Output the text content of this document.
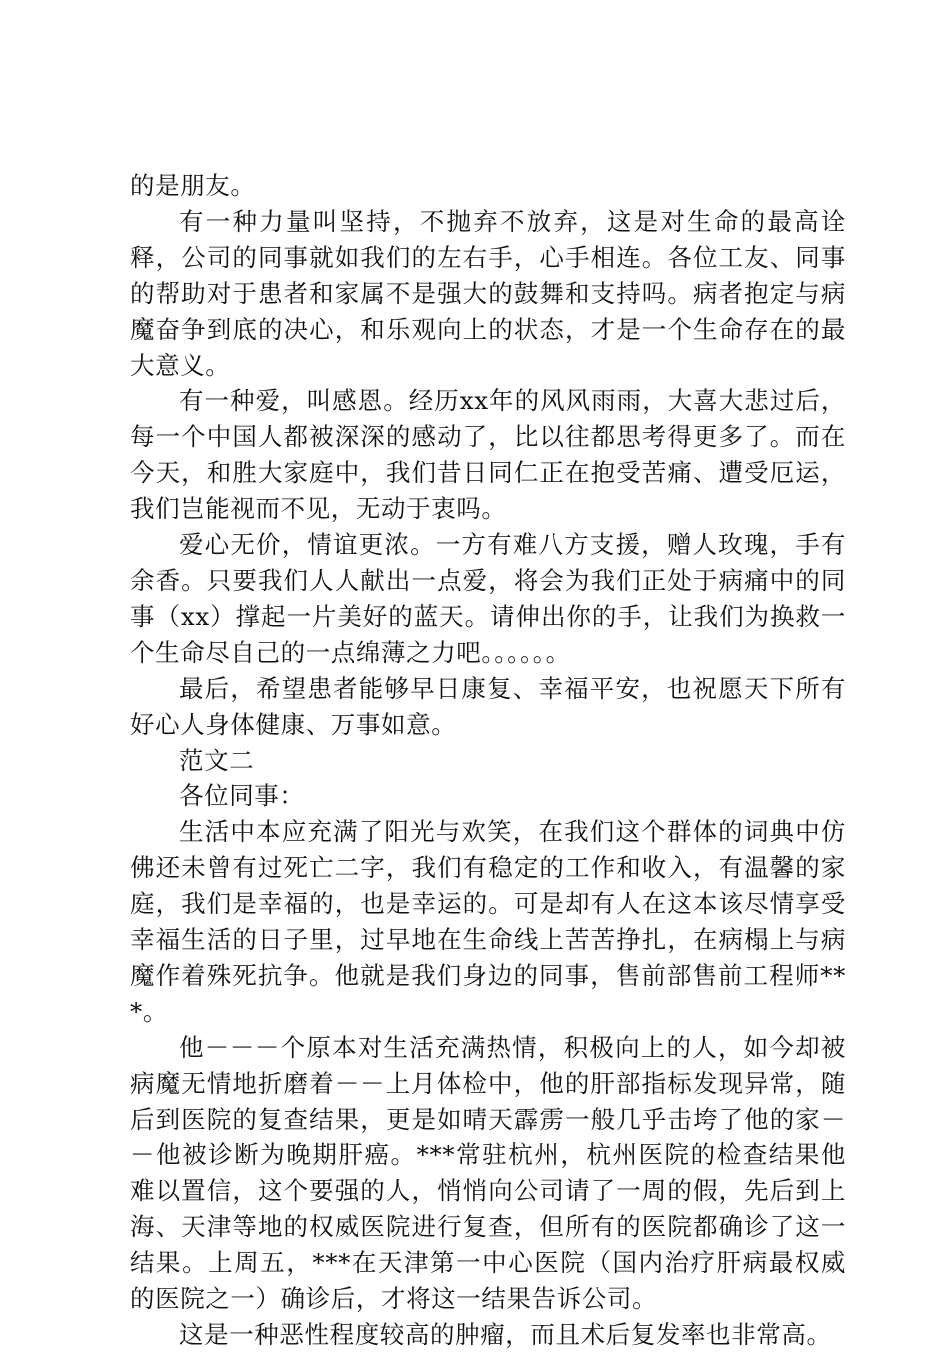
的是朋友。

有一种力量叫坚持，不抛弃不放弃，这是对生命的最高诠释，公司的同事就如我们的左右手，心手相连。各位工友、同事的帮助对于患者和家属不是强大的鼓舞和支持吗。病者抱定与病魔奋争到底的决心，和乐观向上的状态，才是一个生命存在的最大意义。

有一种爱，叫感恩。经历xx年的风风雨雨，大喜大悲过后，每一个中国人都被深深的感动了，比以往都思考得更多了。而在今天，和胜大家庭中，我们昔日同仁正在抱受苦痛、遭受厄运，我们岂能视而不见，无动于衷吗。

爱心无价，情谊更浓。一方有难八方支援，赠人玫瑰，手有余香。只要我们人人献出一点爱，将会为我们正处于病痛中的同事（xx）撑起一片美好的蓝天。请伸出你的手，让我们为换救一个生命尽自己的一点绵薄之力吧。。。。。。

最后，希望患者能够早日康复、幸福平安，也祝愿天下所有好心人身体健康、万事如意。

范文二

各位同事：

生活中本应充满了阳光与欢笑，在我们这个群体的词典中仿佛还未曾有过死亡二字，我们有稳定的工作和收入，有温馨的家庭，我们是幸福的，也是幸运的。可是却有人在这本该尽情享受幸福生活的日子里，过早地在生命线上苦苦挣扎，在病榻上与病魔作着殊死抗争。他就是我们身边的同事，售前部售前工程师***。

他－－－个原本对生活充满热情，积极向上的人，如今却被病魔无情地折磨着－－上月体检中，他的肝部指标发现异常，随后到医院的复查结果，更是如晴天霹雳一般几乎击垮了他的家－－他被诊断为晚期肝癌。***常驻杭州，杭州医院的检查结果他难以置信，这个要强的人，悄悄向公司请了一周的假，先后到上海、天津等地的权威医院进行复查，但所有的医院都确诊了这一结果。上周五，***在天津第一中心医院（国内治疗肝病最权威的医院之一）确诊后，才将这一结果告诉公司。

这是一种恶性程度较高的肿瘤，而且术后复发率也非常高。
